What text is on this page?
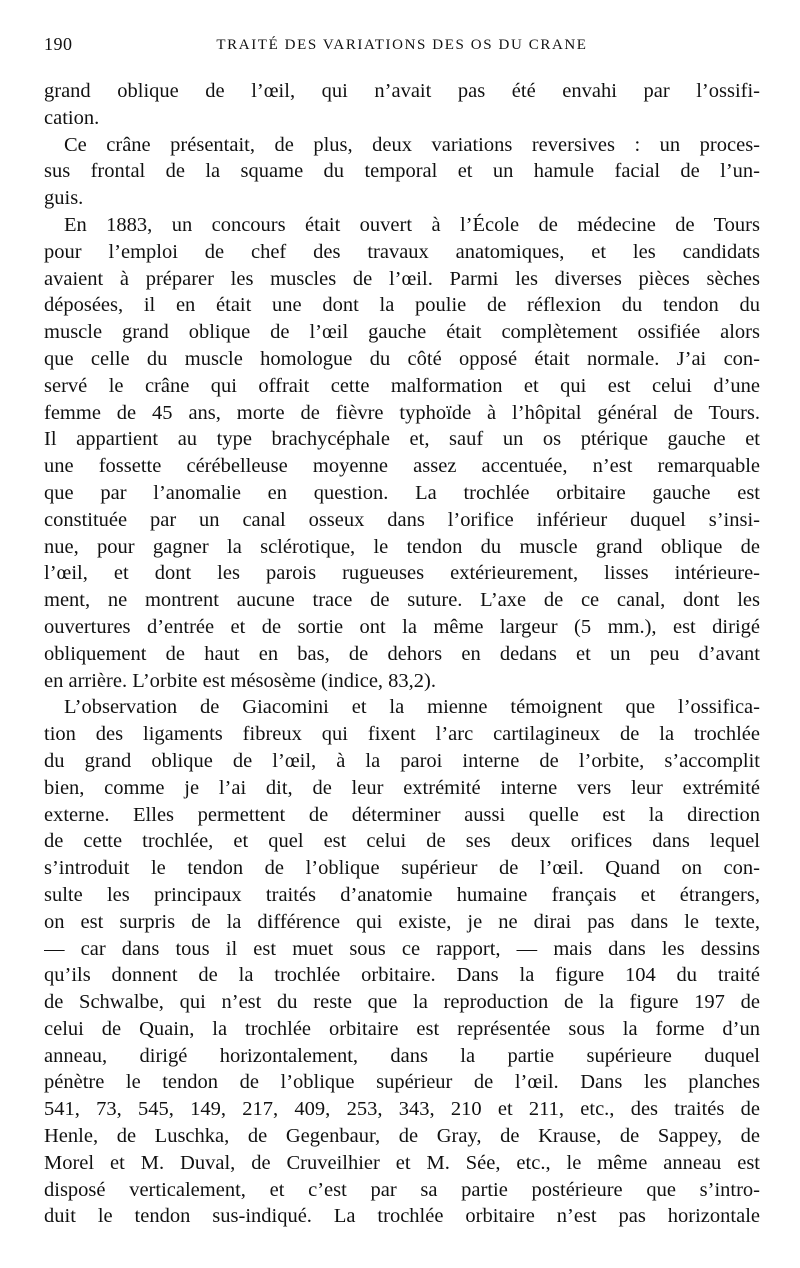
190	TRAITÉ DES VARIATIONS DES OS DU CRANE
grand oblique de l’œil, qui n’avait pas été envahi par l’ossifi-
cation.
Ce crâne présentait, de plus, deux variations reversives : un proces-
sus frontal de la squame du temporal et un hamule facial de l’un-
guis.
En 1883, un concours était ouvert à l’École de médecine de Tours
pour l’emploi de chef des travaux anatomiques, et les candidats
avaient à préparer les muscles de l’œil. Parmi les diverses pièces sèches
déposées, il en était une dont la poulie de réflexion du tendon du
muscle grand oblique de l’œil gauche était complètement ossifiée alors
que celle du muscle homologue du côté opposé était normale. J’ai con-
servé le crâne qui offrait cette malformation et qui est celui d’une
femme de 45 ans, morte de fièvre typhoïde à l’hôpital général de Tours.
Il appartient au type brachycéphale et, sauf un os ptérique gauche et
une fossette cérébelleuse moyenne assez accentuée, n’est remarquable
que par l’anomalie en question. La trochlée orbitaire gauche est
constituée par un canal osseux dans l’orifice inférieur duquel s’insi-
nue, pour gagner la sclérotique, le tendon du muscle grand oblique de
l’œil, et dont les parois rugueuses extérieurement, lisses intérieure-
ment, ne montrent aucune trace de suture. L’axe de ce canal, dont les
ouvertures d’entrée et de sortie ont la même largeur (5 mm.), est dirigé
obliquement de haut en bas, de dehors en dedans et un peu d’avant
en arrière. L’orbite est mésosème (indice, 83,2).
L’observation de Giacomini et la mienne témoignent que l’ossifica-
tion des ligaments fibreux qui fixent l’arc cartilagineux de la trochlée
du grand oblique de l’œil, à la paroi interne de l’orbite, s’accomplit
bien, comme je l’ai dit, de leur extrémité interne vers leur extrémité
externe. Elles permettent de déterminer aussi quelle est la direction
de cette trochlée, et quel est celui de ses deux orifices dans lequel
s’introduit le tendon de l’oblique supérieur de l’œil. Quand on con-
sulte les principaux traités d’anatomie humaine français et étrangers,
on est surpris de la différence qui existe, je ne dirai pas dans le texte,
— car dans tous il est muet sous ce rapport, — mais dans les dessins
qu’ils donnent de la trochlée orbitaire. Dans la figure 104 du traité
de Schwalbe, qui n’est du reste que la reproduction de la figure 197 de
celui de Quain, la trochlée orbitaire est représentée sous la forme d’un
anneau, dirigé horizontalement, dans la partie supérieure duquel
pénètre le tendon de l’oblique supérieur de l’œil. Dans les planches
541, 73, 545, 149, 217, 409, 253, 343, 210 et 211, etc., des traités de
Henle, de Luschka, de Gegenbaur, de Gray, de Krause, de Sappey, de
Morel et M. Duval, de Cruveilhier et M. Sée, etc., le même anneau est
disposé verticalement, et c’est par sa partie postérieure que s’intro-
duit le tendon sus-indiqué. La trochlée orbitaire n’est pas horizontale
